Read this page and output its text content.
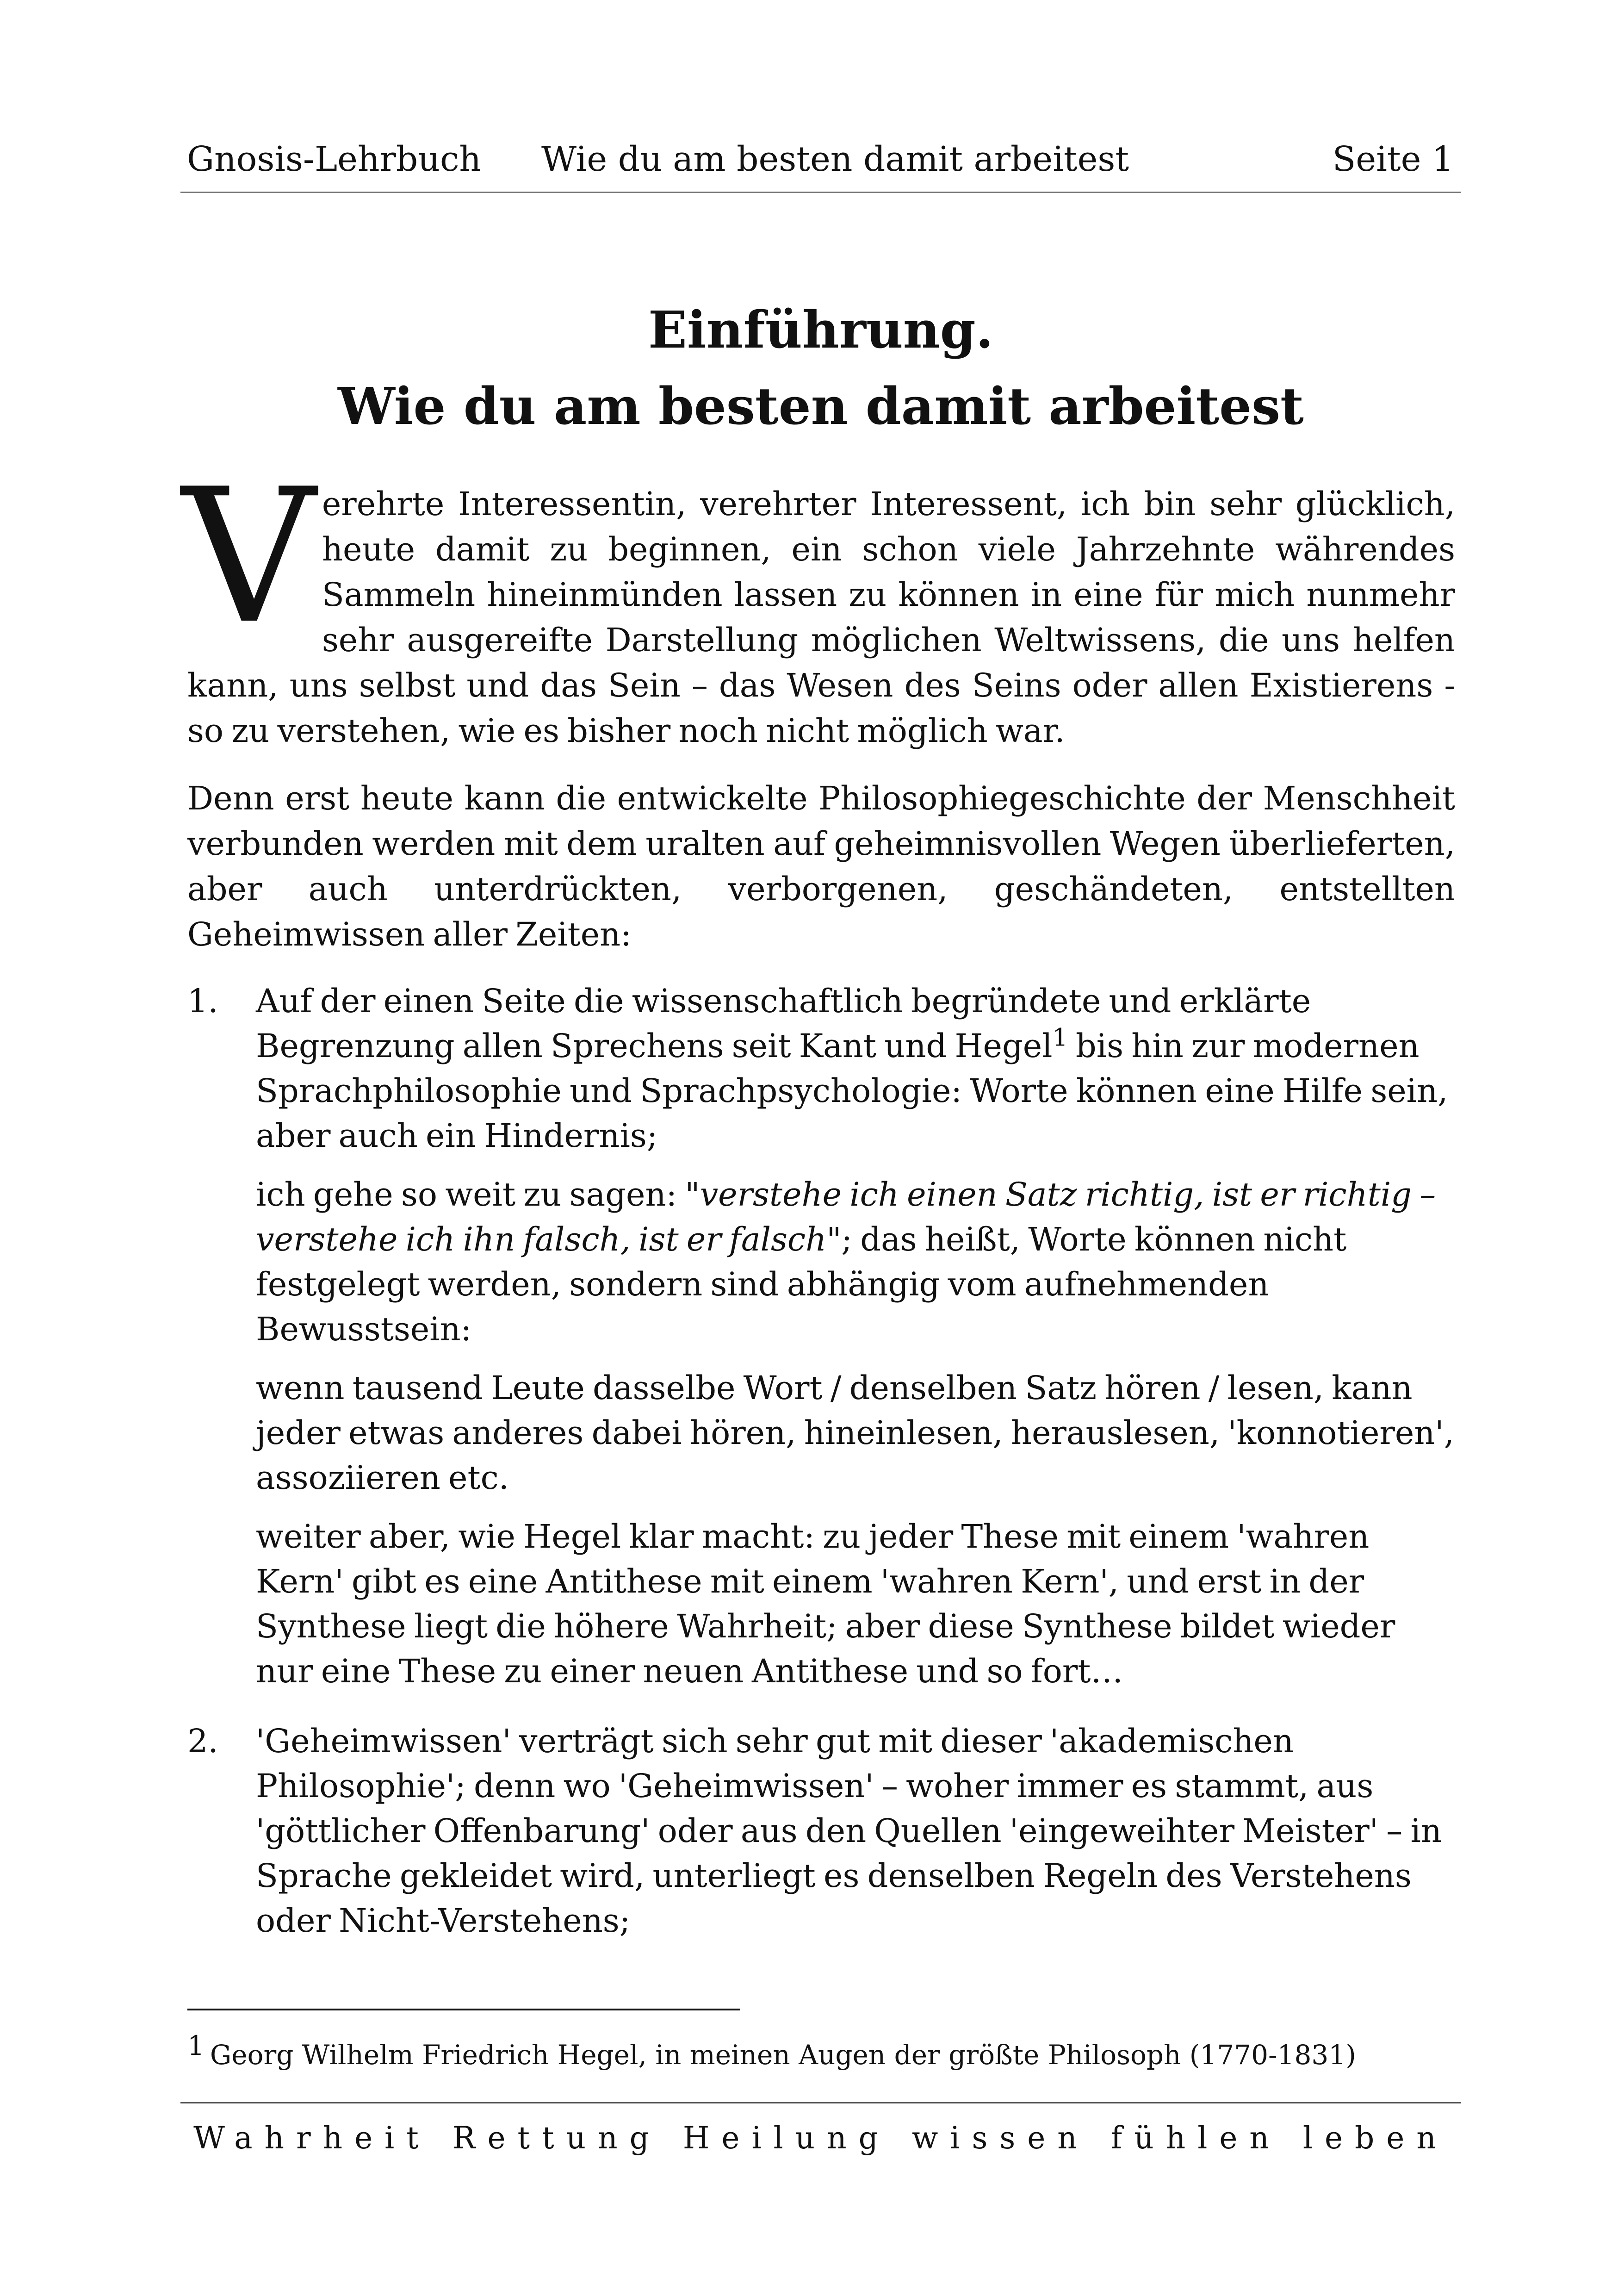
Gnosis-Lehrbuch Wie du am besten damit arbeitest	Seite 1
Einführung.
Wie du am besten damit arbeitest
V erehrte Interessentin, verehrter Interessent, ich bin sehr glücklich, heute damit zu beginnen, ein schon viele Jahrzehnte währendes Sammeln hineinmünden lassen zu können in eine für mich nunmehr sehr ausgereifte Darstellung möglichen Weltwissens, die uns helfen kann, uns selbst und das Sein – das Wesen des Seins oder allen Existierens - so zu verstehen, wie es bisher noch nicht möglich war.
Denn erst heute kann die entwickelte Philosophiegeschichte der Menschheit verbunden werden mit dem uralten auf geheimnisvollen Wegen überlieferten, aber auch unterdrückten, verborgenen, geschändeten, entstellten Geheimwissen aller Zeiten:
1. Auf der einen Seite die wissenschaftlich begründete und erklärte Begrenzung allen Sprechens seit Kant und Hegel$^1$ bis hin zur modernen Sprachphilosophie und Sprachpsychologie: Worte können eine Hilfe sein, aber auch ein Hindernis;

ich gehe so weit zu sagen: "verstehe ich einen Satz richtig, ist er richtig – verstehe ich ihn falsch, ist er falsch"; das heißt, Worte können nicht festgelegt werden, sondern sind abhängig vom aufnehmenden Bewusstsein:

wenn tausend Leute dasselbe Wort / denselben Satz hören / lesen, kann jeder etwas anderes dabei hören, hineinlesen, herauslesen, 'konnotieren', assoziieren etc.

weiter aber, wie Hegel klar macht: zu jeder These mit einem 'wahren Kern' gibt es eine Antithese mit einem 'wahren Kern', und erst in der Synthese liegt die höhere Wahrheit; aber diese Synthese bildet wieder nur eine These zu einer neuen Antithese und so fort…

2. 'Geheimwissen' verträgt sich sehr gut mit dieser 'akademischen Philosophie'; denn wo 'Geheimwissen' – woher immer es stammt, aus 'göttlicher Offenbarung' oder aus den Quellen 'eingeweihter Meister' – in Sprache gekleidet wird, unterliegt es denselben Regeln des Verstehens oder Nicht-Verstehens;

1 Georg Wilhelm Friedrich Hegel, in meinen Augen der größte Philosoph (1770-1831)
Wahrheit Rettung Heilung wissen fühlen leben
